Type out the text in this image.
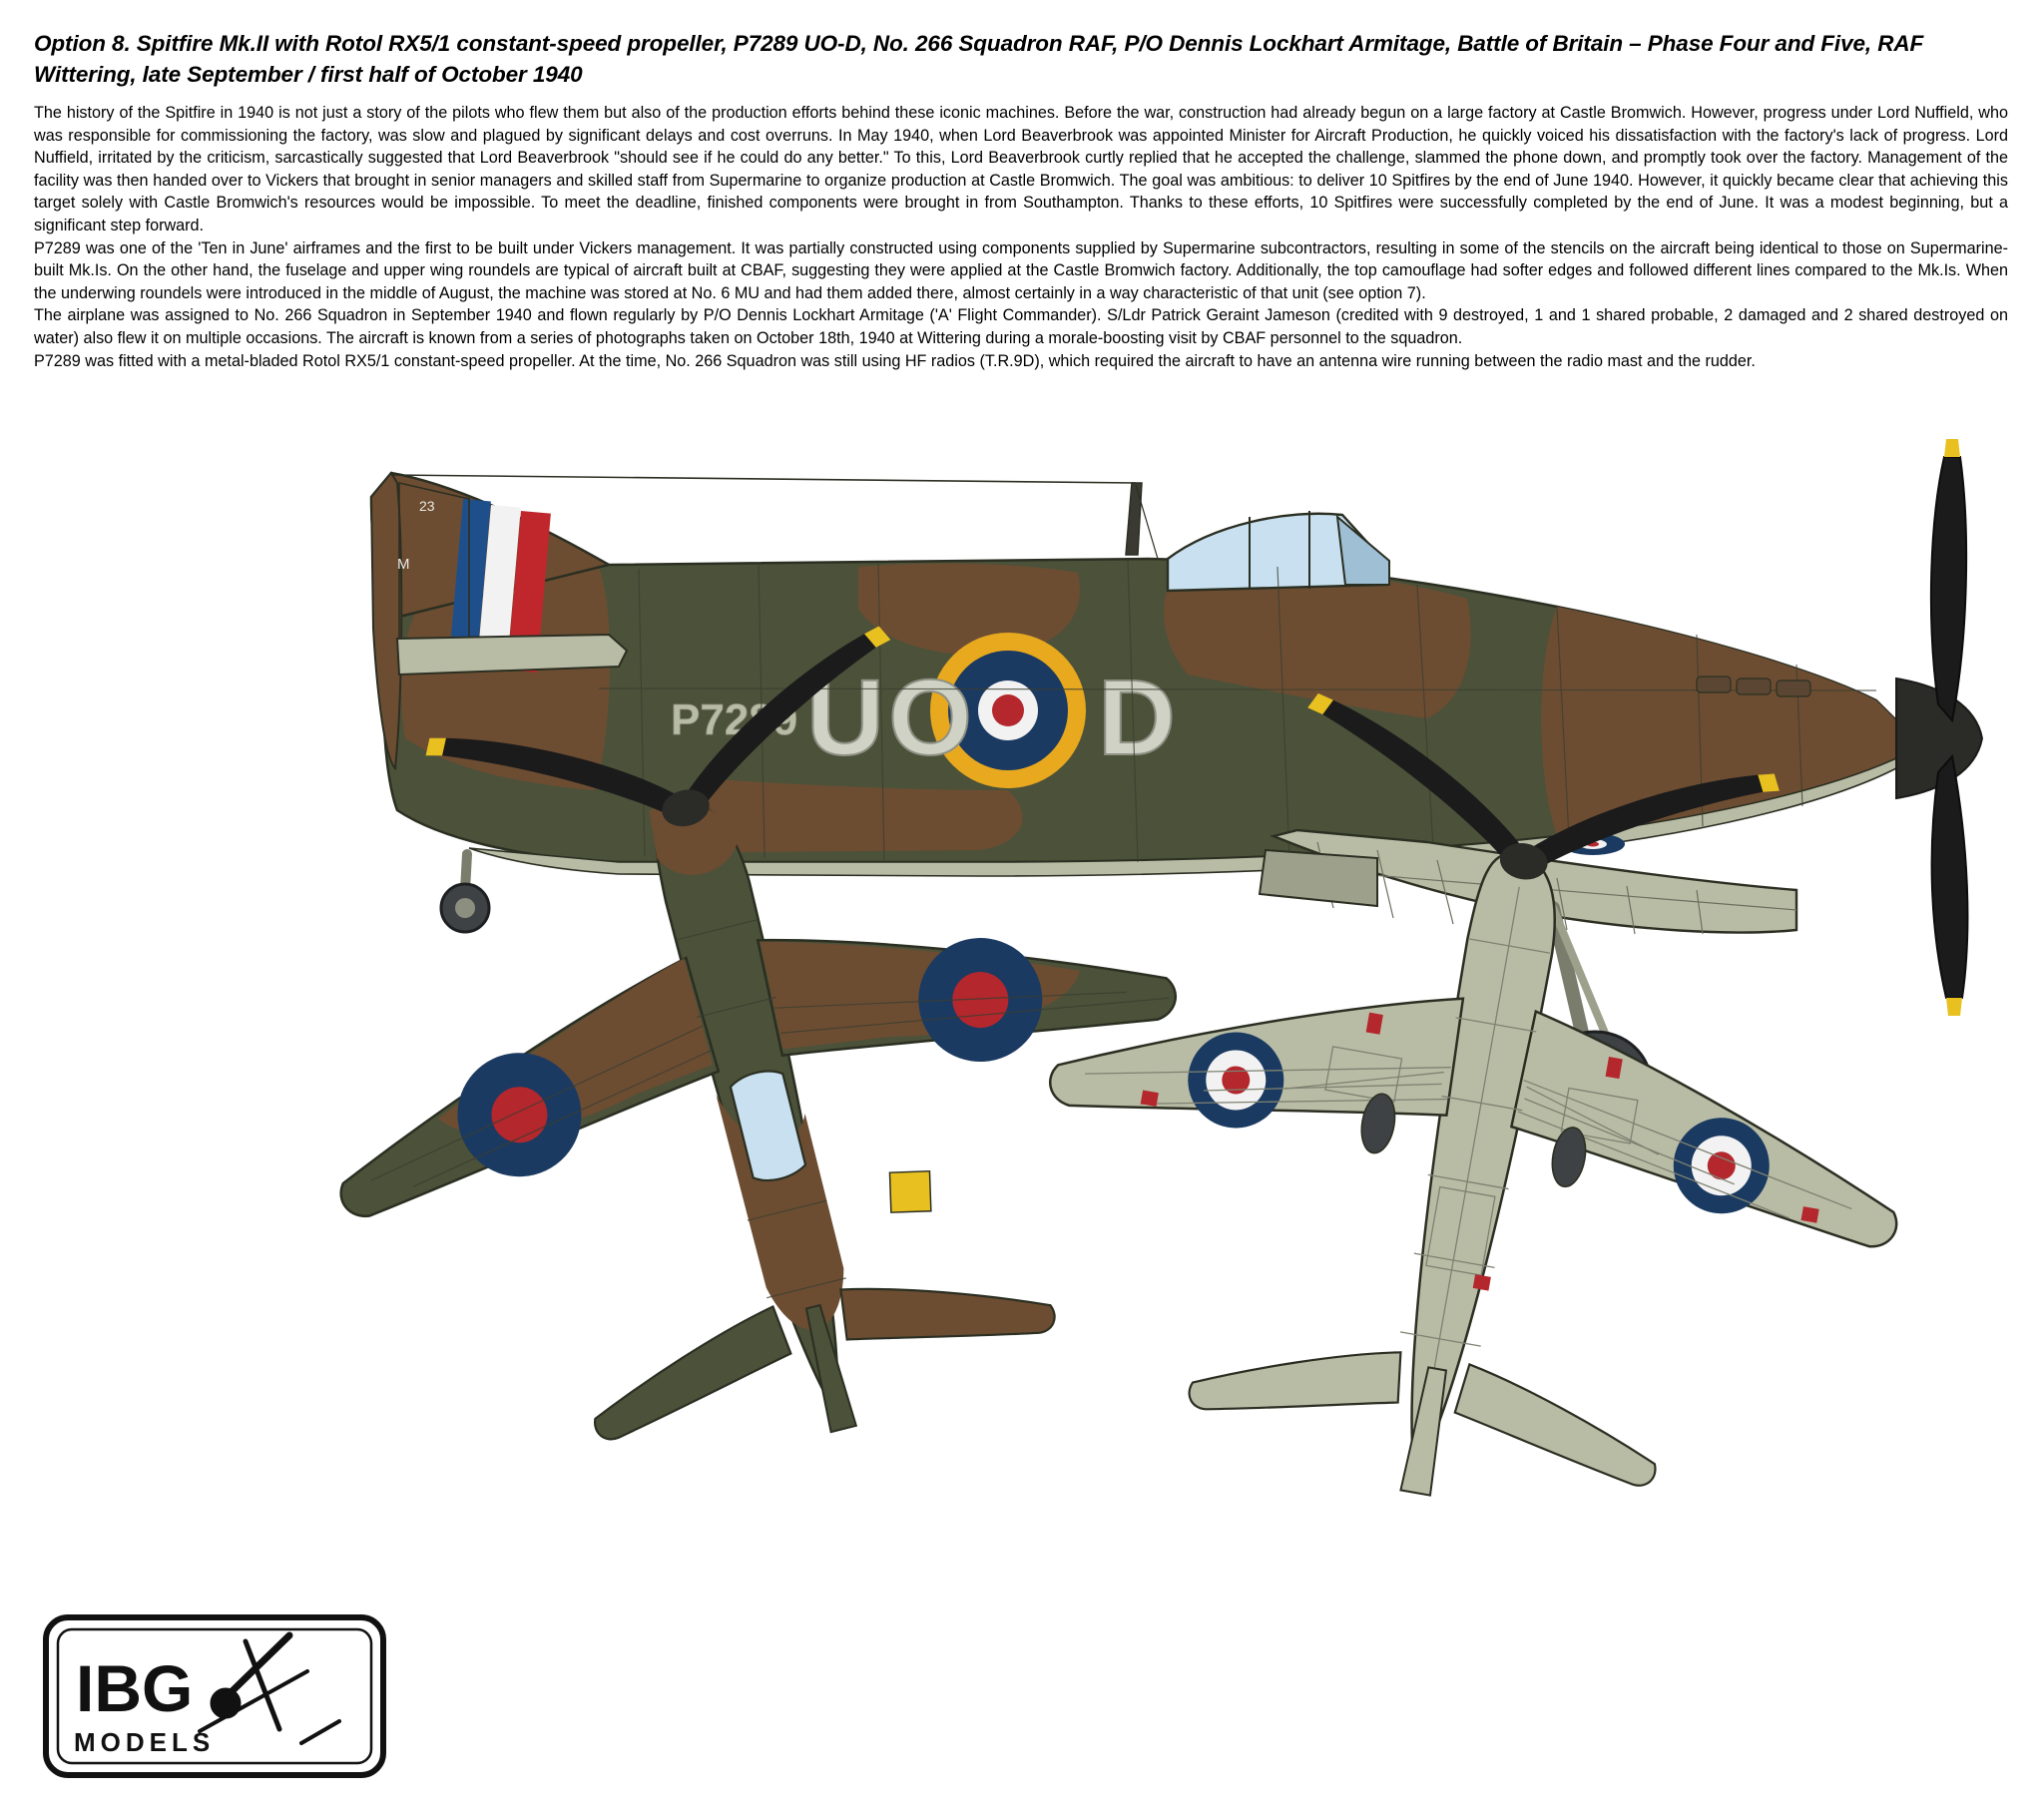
Option 8. Spitfire Mk.II with Rotol RX5/1 constant-speed propeller, P7289 UO-D, No. 266 Squadron RAF, P/O Dennis Lockhart Armitage, Battle of Britain – Phase Four and Five, RAF Wittering, late September / first half of October 1940

The history of the Spitfire in 1940 is not just a story of the pilots who flew them but also of the production efforts behind these iconic machines. Before the war, construction had already begun on a large factory at Castle Bromwich. However, progress under Lord Nuffield, who was responsible for commissioning the factory, was slow and plagued by significant delays and cost overruns. In May 1940, when Lord Beaverbrook was appointed Minister for Aircraft Production, he quickly voiced his dissatisfaction with the factory's lack of progress. Lord Nuffield, irritated by the criticism, sarcastically suggested that Lord Beaverbrook "should see if he could do any better." To this, Lord Beaverbrook curtly replied that he accepted the challenge, slammed the phone down, and promptly took over the factory. Management of the facility was then handed over to Vickers that brought in senior managers and skilled staff from Supermarine to organize production at Castle Bromwich. The goal was ambitious: to deliver 10 Spitfires by the end of June 1940. However, it quickly became clear that achieving this target solely with Castle Bromwich's resources would be impossible. To meet the deadline, finished components were brought in from Southampton. Thanks to these efforts, 10 Spitfires were successfully completed by the end of June. It was a modest beginning, but a significant step forward.

P7289 was one of the 'Ten in June' airframes and the first to be built under Vickers management. It was partially constructed using components supplied by Supermarine subcontractors, resulting in some of the stencils on the aircraft being identical to those on Supermarine-built Mk.Is. On the other hand, the fuselage and upper wing roundels are typical of aircraft built at CBAF, suggesting they were applied at the Castle Bromwich factory. Additionally, the top camouflage had softer edges and followed different lines compared to the Mk.Is. When the underwing roundels were introduced in the middle of August, the machine was stored at No. 6 MU and had them added there, almost certainly in a way characteristic of that unit (see option 7).

The airplane was assigned to No. 266 Squadron in September 1940 and flown regularly by P/O Dennis Lockhart Armitage ('A' Flight Commander). S/Ldr Patrick Geraint Jameson (credited with 9 destroyed, 1 and 1 shared probable, 2 damaged and 2 shared destroyed on water) also flew it on multiple occasions. The aircraft is known from a series of photographs taken on October 18th, 1940 at Wittering during a morale-boosting visit by CBAF personnel to the squadron.

P7289 was fitted with a metal-bladed Rotol RX5/1 constant-speed propeller. At the time, No. 266 Squadron was still using HF radios (T.R.9D), which required the aircraft to have an antenna wire running between the radio mast and the rudder.

UO D
P7289
M
23
IBG
MODELS
